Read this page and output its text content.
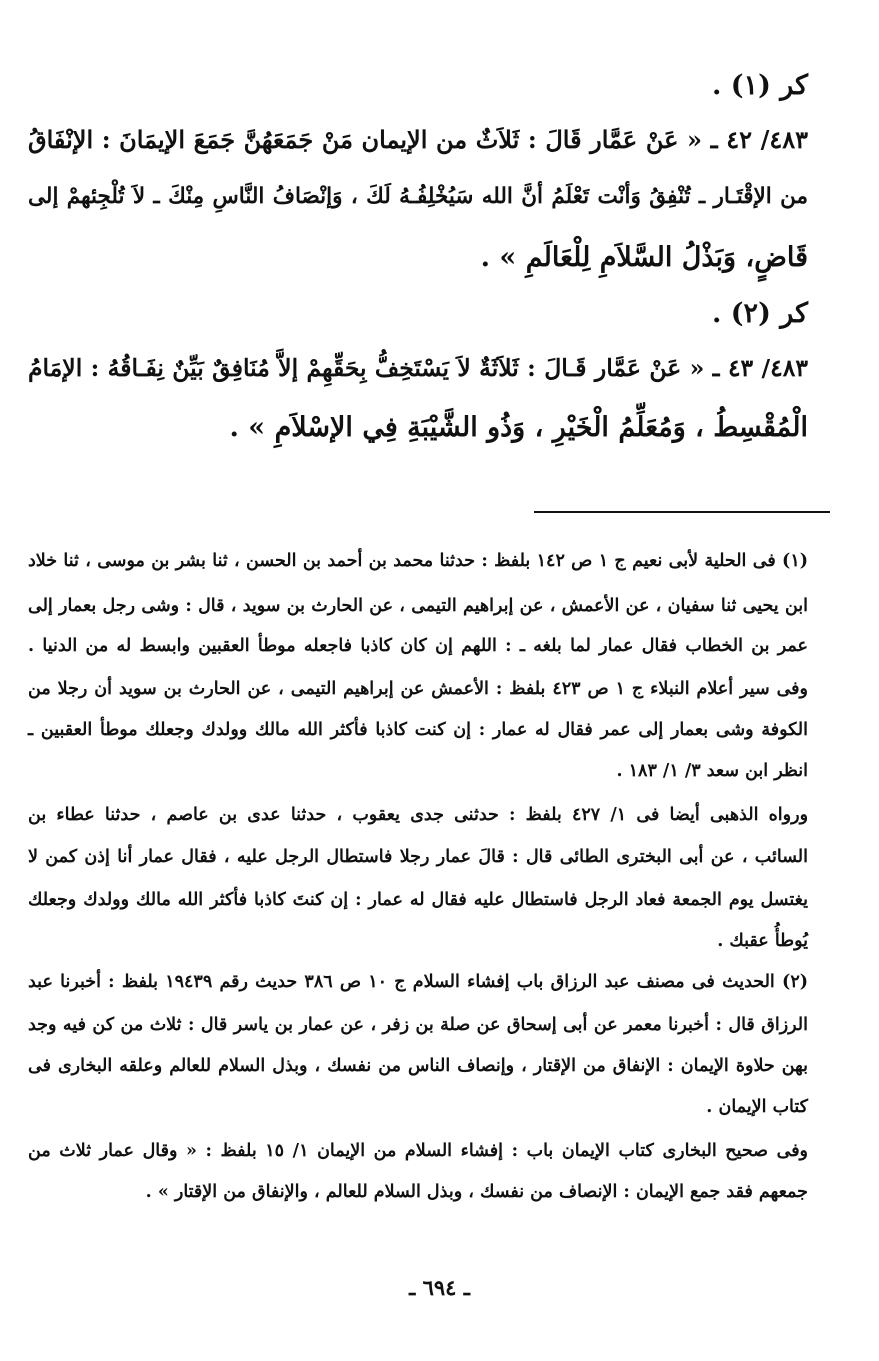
كر (١) .
٤٨٣/ ٤٢ ـ « عَنْ عَمَّار قَالَ : ثَلاَثٌ من الإيمان مَنْ جَمَعَهُنَّ جَمَعَ الإيمَانَ : الإنْفَاقُ
من الإقْتَـار ـ تُنْفِقُ وَأنْت تَعْلَمُ أنَّ الله سَيُخْلِفُـهُ لَكَ ، وَإنْصَافُ النَّاسِ مِنْكَ ـ لاَ تُلْجِئهمْ إلى
قَاضٍ، وَبَذْلُ السَّلاَمِ لِلْعَالَمِ » .
كر (٢) .
٤٨٣/ ٤٣ ـ « عَنْ عَمَّار قَـالَ : ثَلاَثَةٌ لاَ يَسْتَخِفُّ بِحَقِّهِمْ إلاَّ مُنَافِقٌ بَيِّنٌ نِفَـاقُهُ : الإمَامُ
الْمُقْسِطُ ، وَمُعَلِّمُ الْخَيْرِ ، وَذُو الشَّيْبَةِ فِي الإسْلاَمِ » .
(١) فى الحلية لأبى نعيم ج ١ ص ١٤٢ بلفظ : حدثنا محمد بن أحمد بن الحسن ، ثنا بشر بن موسى ، ثنا خلاد
ابن يحيى ثنا سفيان ، عن الأعمش ، عن إبراهيم التيمى ، عن الحارث بن سويد ، قال : وشى رجل بعمار إلى
عمر بن الخطاب فقال عمار لما بلغه ـ : اللهم إن كان كاذبا فاجعله موطأ العقبين وابسط له من الدنيا .
وفى سير أعلام النبلاء ج ١ ص ٤٢٣ بلفظ : الأعمش عن إبراهيم التيمى ، عن الحارث بن سويد أن رجلا من
الكوفة وشى بعمار إلى عمر فقال له عمار : إن كنت كاذبا فأكثر الله مالك وولدك وجعلك موطأ العقبين ـ
انظر ابن سعد ٣/ ١/ ١٨٣ .
ورواه الذهبى أيضا فى ١/ ٤٢٧ بلفظ : حدثنى جدى يعقوب ، حدثنا عدى بن عاصم ، حدثنا عطاء بن
السائب ، عن أبى البخترى الطائى قال : قالَ عمار رجلا فاستطال الرجل عليه ، فقال عمار أنا إذن كمن لا
يغتسل يوم الجمعة فعاد الرجل فاستطال عليه فقال له عمار : إن كنتَ كاذبا فأكثر الله مالك وولدك وجعلك
يُوطأُ عقبك .
(٢) الحديث فى مصنف عبد الرزاق باب إفشاء السلام ج ١٠ ص ٣٨٦ حديث رقم ١٩٤٣٩ بلفظ : أخبرنا عبد
الرزاق قال : أخبرنا معمر عن أبى إسحاق عن صلة بن زفر ، عن عمار بن ياسر قال : ثلاث من كن فيه وجد
بهن حلاوة الإيمان : الإنفاق من الإقتار ، وإنصاف الناس من نفسك ، وبذل السلام للعالم وعلقه البخارى فى
كتاب الإيمان .
وفى صحيح البخارى كتاب الإيمان باب : إفشاء السلام من الإيمان ١/ ١٥ بلفظ : « وقال عمار ثلاث من
جمعهم فقد جمع الإيمان : الإنصاف من نفسك ، وبذل السلام للعالم ، والإنفاق من الإقتار » .
ـ ٦٩٤ ـ
